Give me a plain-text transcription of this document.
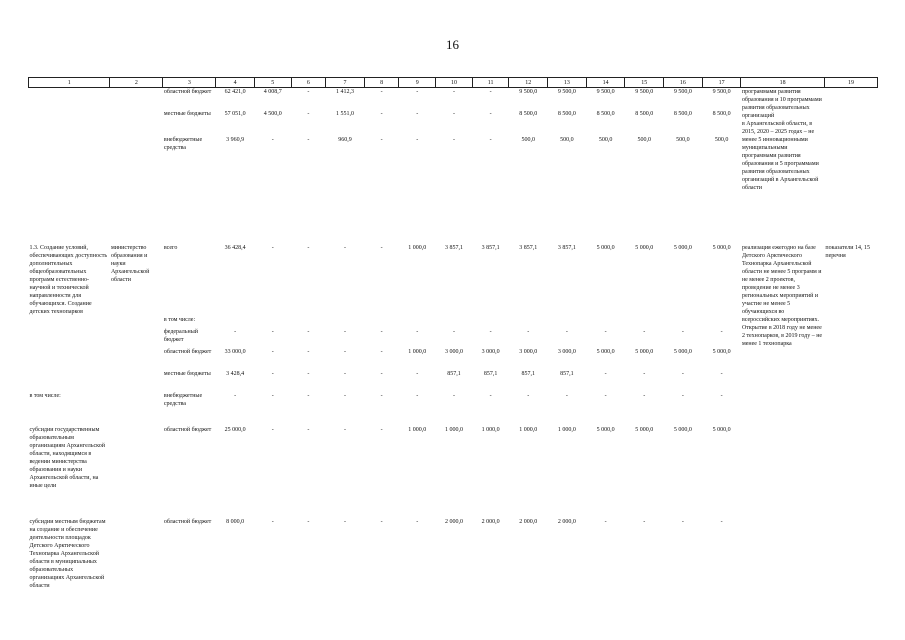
16
1	2	3	4	5	6	7	8	9	10	11	12	13	14	15	16	17	18	19
		областной бюджет	62 421,0	4 008,7	-	1 412,3	-	-	-	-	9 500,0	9 500,0	9 500,0	9 500,0	9 500,0	9 500,0	программами развития образования и 10 программами развития образовательных организаций
в Архангельской области, в 2015, 2020 – 2025 годах – не менее 5 инновационными муниципальными программами развития образования и 5 программами развития образовательных организаций в Архангельской области	

		местные бюджеты	57 051,0	4 500,0	-	1 551,0	-	-	-	-	8 500,0	8 500,0	8 500,0	8 500,0	8 500,0	8 500,0		
		внебюджетные средства	3 960,9	-	-	960,9	-	-	-	-	500,0	500,0	500,0	500,0	500,0	500,0		
1.3. Создание условий, обеспечивающих доступность дополнительных общеобразовательных программ естественно-научной и технической направленности для обучающихся. Создание детских технопарков	министерство образования и науки Архангельской области	всего	36 428,4	-	-	-	-	1 000,0	3 857,1	3 857,1	3 857,1	3 857,1	5 000,0	5 000,0	5 000,0	5 000,0	реализация ежегодно на базе Детского Арктического Технопарка Архангельской области не менее 5 программ и не менее 2 проектов, проведение не менее 3 региональных мероприятий и участие не менее 5 обучающихся во всероссийских мероприятиях. Открытие в 2018 году не менее 2 технопарков, в 2019 году – не менее 1 технопарка	показатели 14, 15 перечня
		в том числе:																
		федеральный бюджет	-	-	-	-	-	-	-	-	-	-	-	-	-	-		
		областной бюджет	33 000,0	-	-	-	-	1 000,0	3 000,0	3 000,0	3 000,0	3 000,0	5 000,0	5 000,0	5 000,0	5 000,0		
		местные бюджеты	3 428,4	-	-	-	-	-	857,1	857,1	857,1	857,1	-	-	-	-		
в том числе:		внебюджетные средства	-	-	-	-	-	-	-	-	-	-	-	-	-	-		
субсидии государственным образовательным организациям Архангельской области, находящимся в ведении министерства образования и науки Архангельской области, на иные цели		областной бюджет	25 000,0	-	-	-	-	1 000,0	1 000,0	1 000,0	1 000,0	1 000,0	5 000,0	5 000,0	5 000,0	5 000,0		
субсидии местным бюджетам на создание и обеспечение деятельности площадок Детского Арктического Технопарка Архангельской области в муниципальных образовательных организациях Архангельской области		областной бюджет	8 000,0	-	-	-	-	-	2 000,0	2 000,0	2 000,0	2 000,0	-	-	-	-		
